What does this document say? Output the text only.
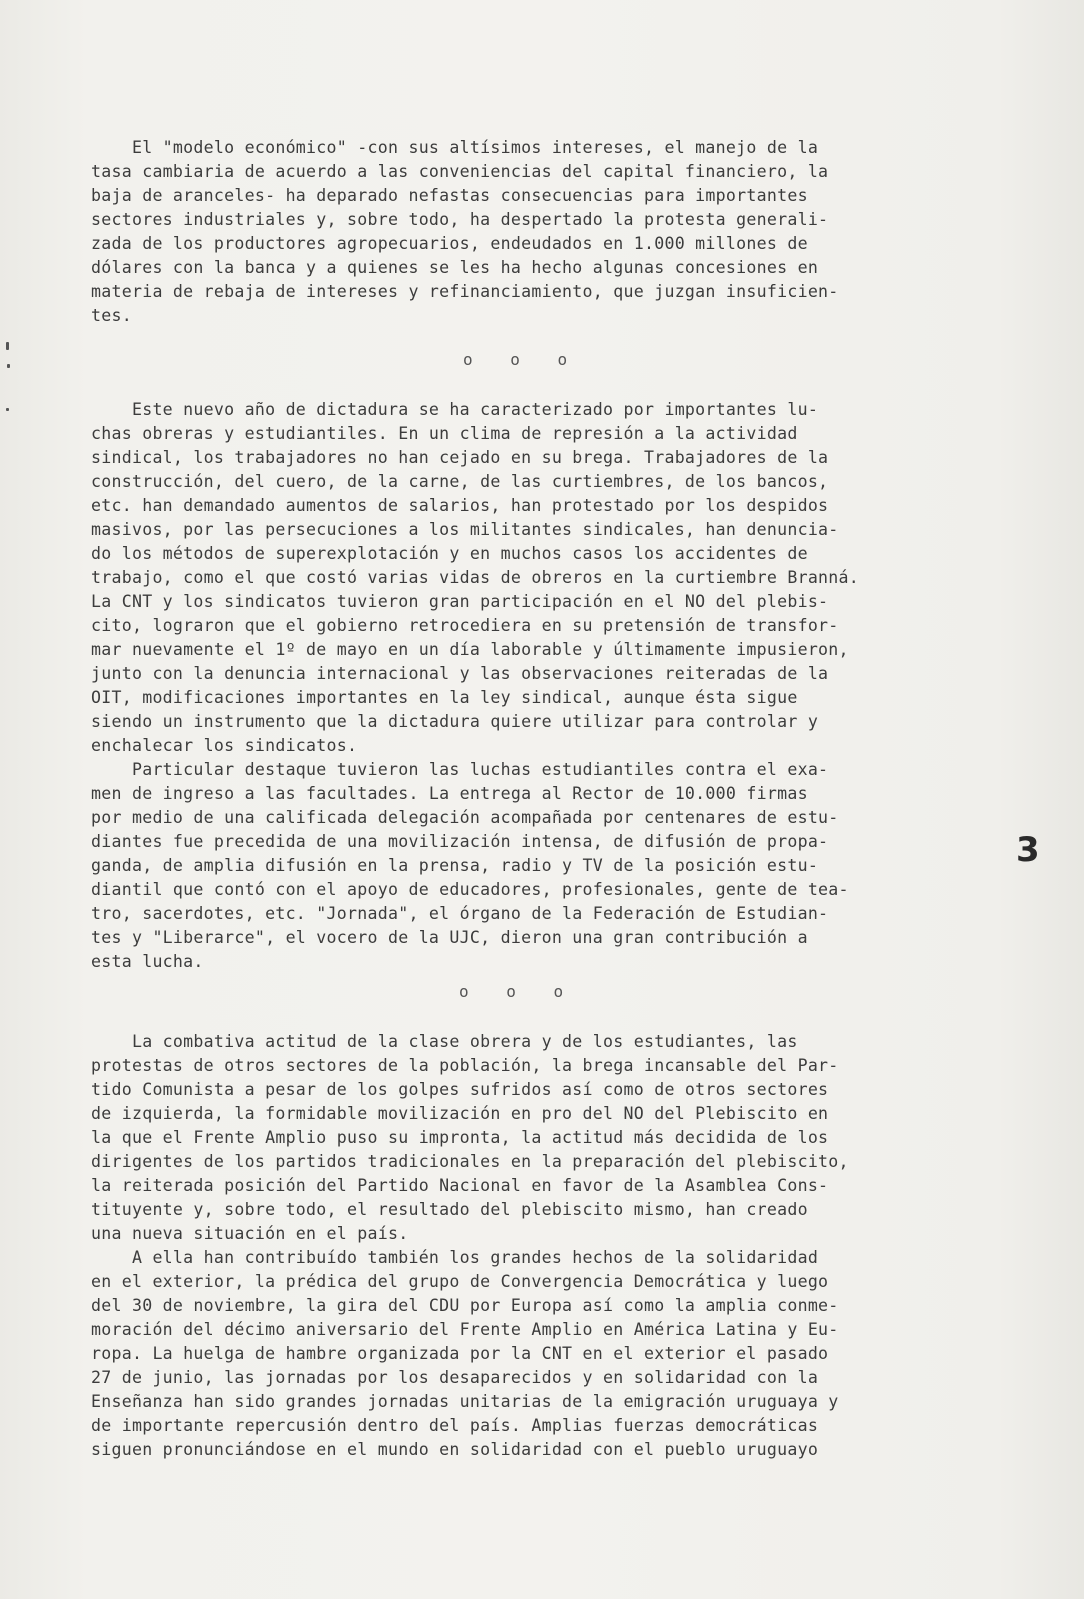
El "modelo económico" -con sus altísimos intereses, el manejo de la
tasa cambiaria de acuerdo a las conveniencias del capital financiero, la
baja de aranceles- ha deparado nefastas consecuencias para importantes
sectores industriales y, sobre todo, ha despertado la protesta generali-
zada de los productores agropecuarios, endeudados en 1.000 millones de
dólares con la banca y a quienes se les ha hecho algunas concesiones en
materia de rebaja de intereses y refinanciamiento, que juzgan insuficien-
tes.
o o o
Este nuevo año de dictadura se ha caracterizado por importantes lu-
chas obreras y estudiantiles. En un clima de represión a la actividad
sindical, los trabajadores no han cejado en su brega. Trabajadores de la
construcción, del cuero, de la carne, de las curtiembres, de los bancos,
etc. han demandado aumentos de salarios, han protestado por los despidos
masivos, por las persecuciones a los militantes sindicales, han denuncia-
do los métodos de superexplotación y en muchos casos los accidentes de
trabajo, como el que costó varias vidas de obreros en la curtiembre Branná.
La CNT y los sindicatos tuvieron gran participación en el NO del plebis-
cito, lograron que el gobierno retrocediera en su pretensión de transfor-
mar nuevamente el 1º de mayo en un día laborable y últimamente impusieron,
junto con la denuncia internacional y las observaciones reiteradas de la
OIT, modificaciones importantes en la ley sindical, aunque ésta sigue
siendo un instrumento que la dictadura quiere utilizar para controlar y
enchalecar los sindicatos.
Particular destaque tuvieron las luchas estudiantiles contra el exa-
men de ingreso a las facultades. La entrega al Rector de 10.000 firmas
por medio de una calificada delegación acompañada por centenares de estu-
diantes fue precedida de una movilización intensa, de difusión de propa-
ganda, de amplia difusión en la prensa, radio y TV de la posición estu-
diantil que contó con el apoyo de educadores, profesionales, gente de tea-
tro, sacerdotes, etc. "Jornada", el órgano de la Federación de Estudian-
tes y "Liberarce", el vocero de la UJC, dieron una gran contribución a
esta lucha.
o o o
La combativa actitud de la clase obrera y de los estudiantes, las
protestas de otros sectores de la población, la brega incansable del Par-
tido Comunista a pesar de los golpes sufridos así como de otros sectores
de izquierda, la formidable movilización en pro del NO del Plebiscito en
la que el Frente Amplio puso su impronta, la actitud más decidida de los
dirigentes de los partidos tradicionales en la preparación del plebiscito,
la reiterada posición del Partido Nacional en favor de la Asamblea Cons-
tituyente y, sobre todo, el resultado del plebiscito mismo, han creado
una nueva situación en el país.
A ella han contribuído también los grandes hechos de la solidaridad
en el exterior, la prédica del grupo de Convergencia Democrática y luego
del 30 de noviembre, la gira del CDU por Europa así como la amplia conme-
moración del décimo aniversario del Frente Amplio en América Latina y Eu-
ropa. La huelga de hambre organizada por la CNT en el exterior el pasado
27 de junio, las jornadas por los desaparecidos y en solidaridad con la
Enseñanza han sido grandes jornadas unitarias de la emigración uruguaya y
de importante repercusión dentro del país. Amplias fuerzas democráticas
siguen pronunciándose en el mundo en solidaridad con el pueblo uruguayo
3
